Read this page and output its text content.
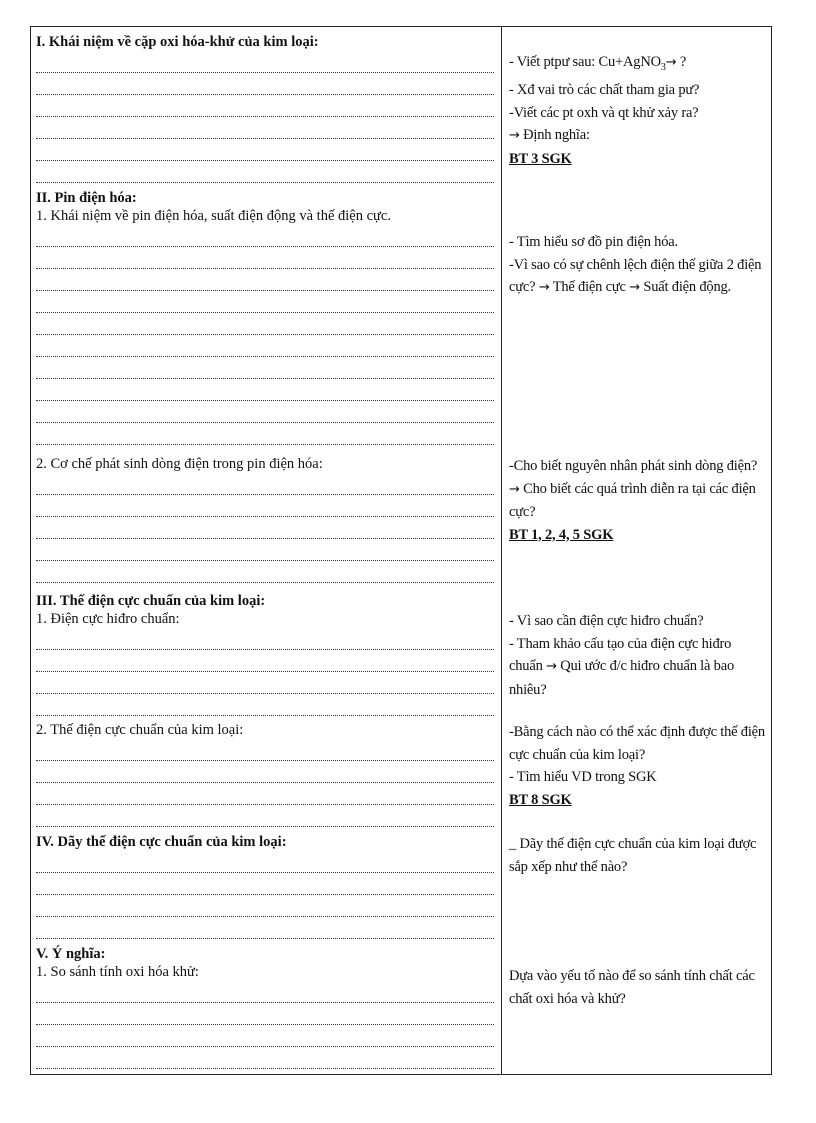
I. Khái niệm về cặp oxi hóa-khử của kim loại:

- Viết ptpư sau: Cu+AgNO$_3$→ ?

- Xđ vai trò các chất tham gia pư?

-Viết các pt oxh và qt khử xảy ra?

→ Định nghĩa:

BT 3 SGK

II. Pin điện hóa:
1. Khái niệm về pin điện hóa, suất điện động và thế điện cực.

- Tìm hiểu sơ đồ pin điện hóa.

-Vì sao có sự chênh lệch điện thế giữa 2 điện cực? → Thế điện cực → Suất điện động.

2. Cơ chế phát sinh dòng điện trong pin điện hóa:	-Cho biết nguyên nhân phát sinh dòng điện? → Cho biết các quá trình diễn ra tại các điện cực?

BT 1, 2, 4, 5 SGK

III. Thế điện cực chuẩn của kim loại:
1. Điện cực hiđro chuẩn:	- Vì sao cần điện cực hiđro chuẩn?

- Tham khảo cấu tạo của điện cực hiđro chuẩn → Qui ước đ/c hiđro chuẩn là bao nhiêu?

2. Thế điện cực chuẩn của kim loại:	-Bằng cách nào có thể xác định được thế điện cực chuẩn của kim loại?

- Tìm hiểu VD trong SGK

BT 8 SGK

IV. Dãy thế điện cực chuẩn của kim loại:	_ Dãy thế điện cực chuẩn của kim loại được sắp xếp như thế nào?

V. Ý nghĩa:
1. So sánh tính oxi hóa khử:	Dựa vào yếu tố nào để so sánh tính chất các chất oxi hóa và khử?
